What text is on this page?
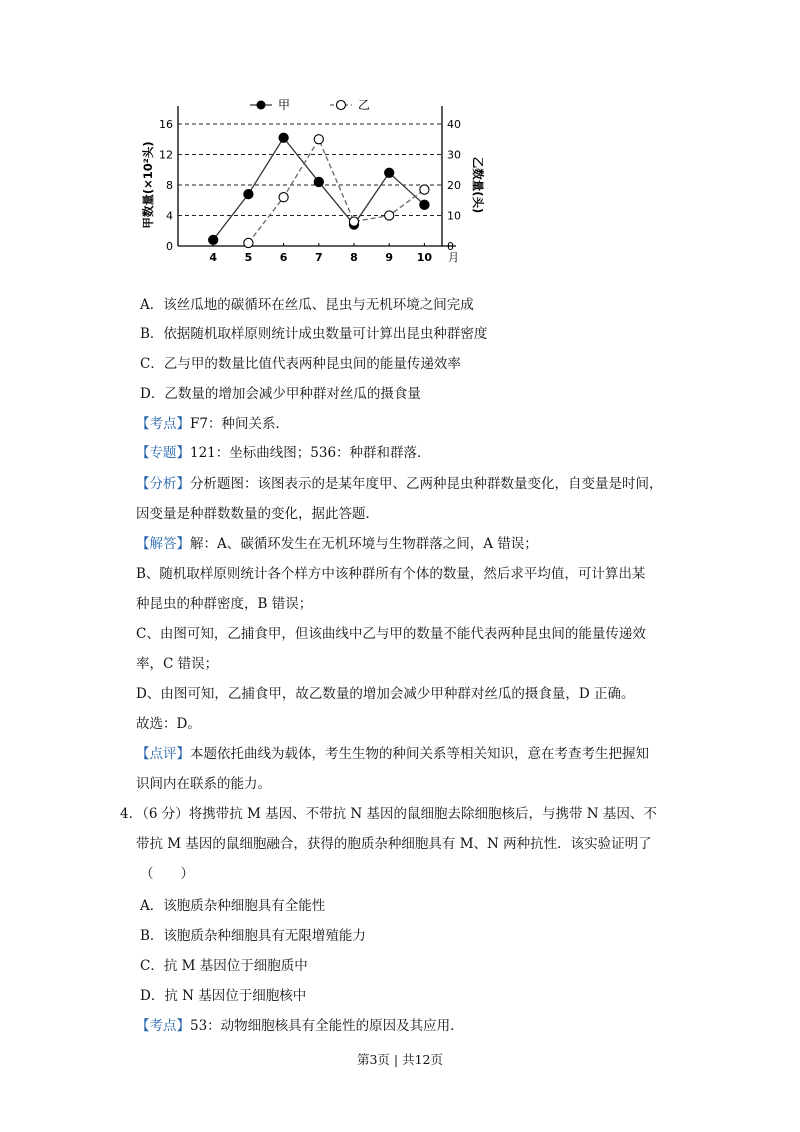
0
4
8
12
16
0
10
20
30
40
4	5	6	7	8	9 10 月
甲数量(×10²头)	乙数量(头)
甲	乙
A．该丝瓜地的碳循环在丝瓜、昆虫与无机环境之间完成
B．依据随机取样原则统计成虫数量可计算出昆虫种群密度
C．乙与甲的数量比值代表两种昆虫间的能量传递效率
D．乙数量的增加会减少甲种群对丝瓜的摄食量
【考点】F7：种间关系．
【专题】121：坐标曲线图；536：种群和群落．
【分析】分析题图：该图表示的是某年度甲、乙两种昆虫种群数量变化，自变量是时间，
因变量是种群数数量的变化，据此答题．
【解答】解：A、碳循环发生在无机环境与生物群落之间，A 错误；
B、随机取样原则统计各个样方中该种群所有个体的数量，然后求平均值，可计算出某
种昆虫的种群密度，B 错误；
C、由图可知，乙捕食甲，但该曲线中乙与甲的数量不能代表两种昆虫间的能量传递效
率，C 错误；
D、由图可知，乙捕食甲，故乙数量的增加会减少甲种群对丝瓜的摄食量，D 正确。
故选：D。
【点评】本题依托曲线为载体，考生生物的种间关系等相关知识，意在考查考生把握知
识间内在联系的能力。
4．（6 分）将携带抗 M 基因、不带抗 N 基因的鼠细胞去除细胞核后，与携带 N 基因、不
带抗 M 基因的鼠细胞融合，获得的胞质杂种细胞具有 M、N 两种抗性．该实验证明了
（　　）
A．该胞质杂种细胞具有全能性
B．该胞质杂种细胞具有无限增殖能力
C．抗 M 基因位于细胞质中
D．抗 N 基因位于细胞核中
【考点】53：动物细胞核具有全能性的原因及其应用．
第3页 | 共12页
